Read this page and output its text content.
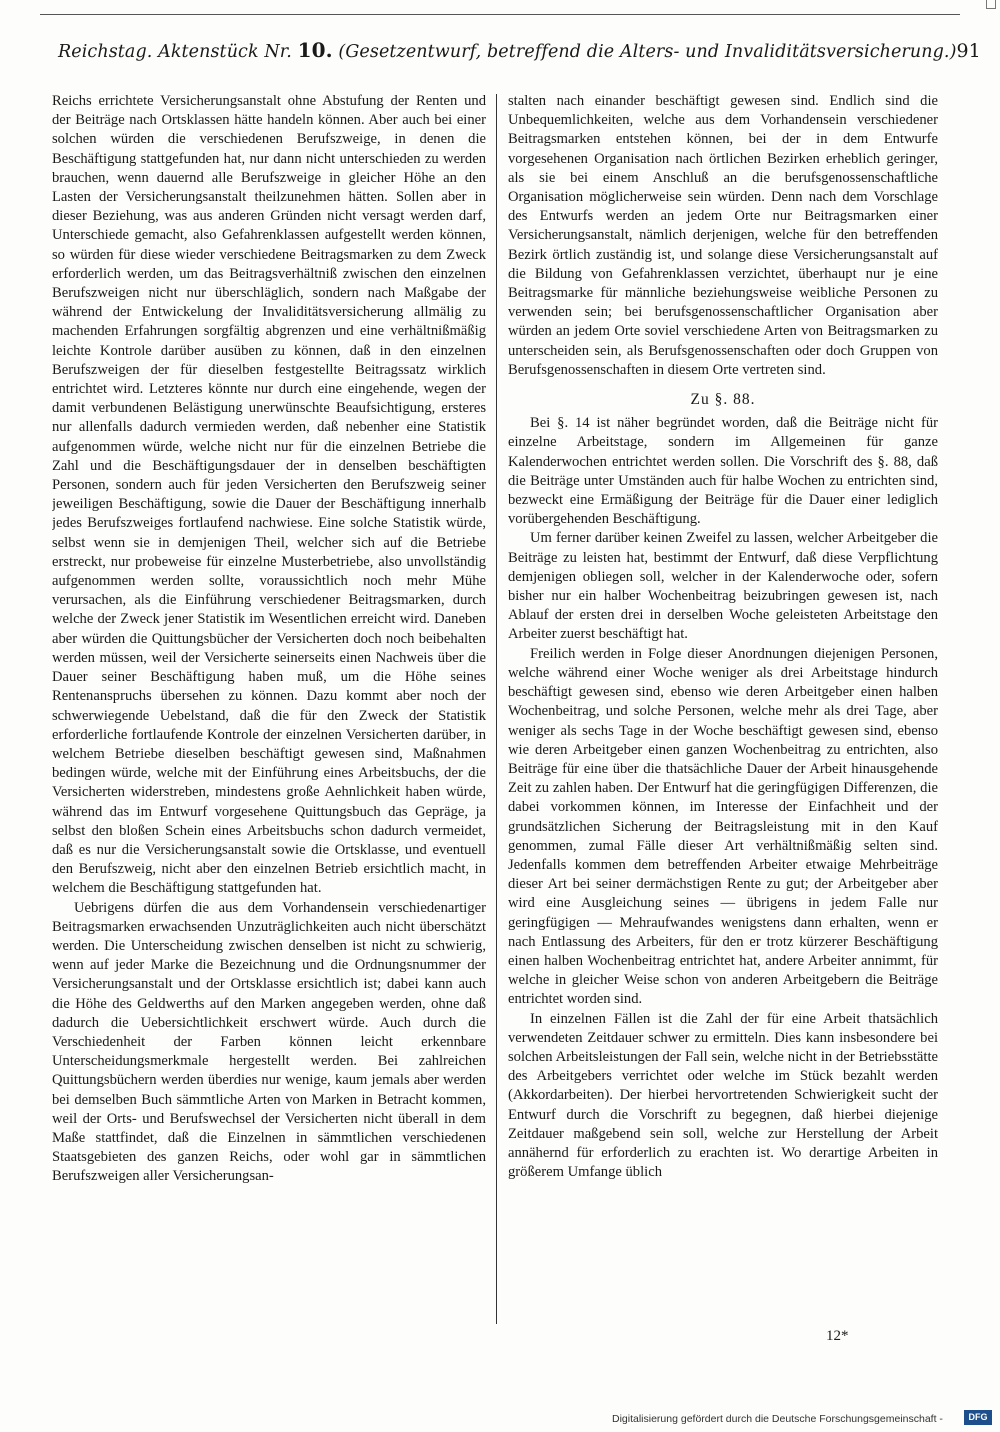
Reichstag. Aktenstück Nr. 10. (Gesetzentwurf, betreffend die Alters- und Invaliditätsversicherung.) 91

Reichs errichtete Versicherungsanstalt ohne Abstufung der Renten und der Beiträge nach Ortsklassen hätte handeln können. Aber auch bei einer solchen würden die verschiedenen Berufszweige, in denen die Beschäftigung stattgefunden hat, nur dann nicht unterschieden zu werden brauchen, wenn dauernd alle Berufszweige in gleicher Höhe an den Lasten der Versicherungsanstalt theilzunehmen hätten. Sollen aber in dieser Beziehung, was aus anderen Gründen nicht versagt werden darf, Unterschiede gemacht, also Gefahrenklassen aufgestellt werden können, so würden für diese wieder verschiedene Beitragsmarken zu dem Zweck erforderlich werden, um das Beitragsverhältniß zwischen den einzelnen Berufszweigen nicht nur überschläglich, sondern nach Maßgabe der während der Entwickelung der Invaliditätsversicherung allmälig zu machenden Erfahrungen sorgfältig abgrenzen und eine verhältnißmäßig leichte Kontrole darüber ausüben zu können, daß in den einzelnen Berufszweigen der für dieselben festgestellte Beitragssatz wirklich entrichtet wird. Letzteres könnte nur durch eine eingehende, wegen der damit verbundenen Belästigung unerwünschte Beaufsichtigung, ersteres nur allenfalls dadurch vermieden werden, daß nebenher eine Statistik aufgenommen würde, welche nicht nur für die einzelnen Betriebe die Zahl und die Beschäftigungsdauer der in denselben beschäftigten Personen, sondern auch für jeden Versicherten den Berufszweig seiner jeweiligen Beschäftigung, sowie die Dauer der Beschäftigung innerhalb jedes Berufszweiges fortlaufend nachwiese. Eine solche Statistik würde, selbst wenn sie in demjenigen Theil, welcher sich auf die Betriebe erstreckt, nur probeweise für einzelne Musterbetriebe, also unvollständig aufgenommen werden sollte, voraussichtlich noch mehr Mühe verursachen, als die Einführung verschiedener Beitragsmarken, durch welche der Zweck jener Statistik im Wesentlichen erreicht wird. Daneben aber würden die Quittungsbücher der Versicherten doch noch beibehalten werden müssen, weil der Versicherte seinerseits einen Nachweis über die Dauer seiner Beschäftigung haben muß, um die Höhe seines Rentenanspruchs übersehen zu können. Dazu kommt aber noch der schwerwiegende Uebelstand, daß die für den Zweck der Statistik erforderliche fortlaufende Kontrole der einzelnen Versicherten darüber, in welchem Betriebe dieselben beschäftigt gewesen sind, Maßnahmen bedingen würde, welche mit der Einführung eines Arbeitsbuchs, der die Versicherten widerstreben, mindestens große Aehnlichkeit haben würde, während das im Entwurf vorgesehene Quittungsbuch das Gepräge, ja selbst den bloßen Schein eines Arbeitsbuchs schon dadurch vermeidet, daß es nur die Versicherungsanstalt sowie die Ortsklasse, und eventuell den Berufszweig, nicht aber den einzelnen Betrieb ersichtlich macht, in welchem die Beschäftigung stattgefunden hat.

Uebrigens dürfen die aus dem Vorhandensein verschiedenartiger Beitragsmarken erwachsenden Unzuträglichkeiten auch nicht überschätzt werden. Die Unterscheidung zwischen denselben ist nicht zu schwierig, wenn auf jeder Marke die Bezeichnung und die Ordnungsnummer der Versicherungsanstalt und der Ortsklasse ersichtlich ist; dabei kann auch die Höhe des Geldwerths auf den Marken angegeben werden, ohne daß dadurch die Uebersichtlichkeit erschwert würde. Auch durch die Verschiedenheit der Farben können leicht erkennbare Unterscheidungsmerkmale hergestellt werden. Bei zahlreichen Quittungsbüchern werden überdies nur wenige, kaum jemals aber werden bei demselben Buch sämmtliche Arten von Marken in Betracht kommen, weil der Orts- und Berufswechsel der Versicherten nicht überall in dem Maße stattfindet, daß die Einzelnen in sämmtlichen verschiedenen Staatsgebieten des ganzen Reichs, oder wohl gar in sämmtlichen Berufszweigen aller Versicherungsan-

stalten nach einander beschäftigt gewesen sind. Endlich sind die Unbequemlichkeiten, welche aus dem Vorhandensein verschiedener Beitragsmarken entstehen können, bei der in dem Entwurfe vorgesehenen Organisation nach örtlichen Bezirken erheblich geringer, als sie bei einem Anschluß an die berufsgenossenschaftliche Organisation möglicherweise sein würden. Denn nach dem Vorschlage des Entwurfs werden an jedem Orte nur Beitragsmarken einer Versicherungsanstalt, nämlich derjenigen, welche für den betreffenden Bezirk örtlich zuständig ist, und solange diese Versicherungsanstalt auf die Bildung von Gefahrenklassen verzichtet, überhaupt nur je eine Beitragsmarke für männliche beziehungsweise weibliche Personen zu verwenden sein; bei berufsgenossenschaftlicher Organisation aber würden an jedem Orte soviel verschiedene Arten von Beitragsmarken zu unterscheiden sein, als Berufsgenossenschaften oder doch Gruppen von Berufsgenossenschaften in diesem Orte vertreten sind.

Zu §. 88.

Bei §. 14 ist näher begründet worden, daß die Beiträge nicht für einzelne Arbeitstage, sondern im Allgemeinen für ganze Kalenderwochen entrichtet werden sollen. Die Vorschrift des §. 88, daß die Beiträge unter Umständen auch für halbe Wochen zu entrichten sind, bezweckt eine Ermäßigung der Beiträge für die Dauer einer lediglich vorübergehenden Beschäftigung.

Um ferner darüber keinen Zweifel zu lassen, welcher Arbeitgeber die Beiträge zu leisten hat, bestimmt der Entwurf, daß diese Verpflichtung demjenigen obliegen soll, welcher in der Kalenderwoche oder, sofern bisher nur ein halber Wochenbeitrag beizubringen gewesen ist, nach Ablauf der ersten drei in derselben Woche geleisteten Arbeitstage den Arbeiter zuerst beschäftigt hat.

Freilich werden in Folge dieser Anordnungen diejenigen Personen, welche während einer Woche weniger als drei Arbeitstage hindurch beschäftigt gewesen sind, ebenso wie deren Arbeitgeber einen halben Wochenbeitrag, und solche Personen, welche mehr als drei Tage, aber weniger als sechs Tage in der Woche beschäftigt gewesen sind, ebenso wie deren Arbeitgeber einen ganzen Wochenbeitrag zu entrichten, also Beiträge für eine über die thatsächliche Dauer der Arbeit hinausgehende Zeit zu zahlen haben. Der Entwurf hat die geringfügigen Differenzen, die dabei vorkommen können, im Interesse der Einfachheit und der grundsätzlichen Sicherung der Beitragsleistung mit in den Kauf genommen, zumal Fälle dieser Art verhältnißmäßig selten sind. Jedenfalls kommen dem betreffenden Arbeiter etwaige Mehrbeiträge dieser Art bei seiner dermächstigen Rente zu gut; der Arbeitgeber aber wird eine Ausgleichung seines — übrigens in jedem Falle nur geringfügigen — Mehraufwandes wenigstens dann erhalten, wenn er nach Entlassung des Arbeiters, für den er trotz kürzerer Beschäftigung einen halben Wochenbeitrag entrichtet hat, andere Arbeiter annimmt, für welche in gleicher Weise schon von anderen Arbeitgebern die Beiträge entrichtet worden sind.

In einzelnen Fällen ist die Zahl der für eine Arbeit thatsächlich verwendeten Zeitdauer schwer zu ermitteln. Dies kann insbesondere bei solchen Arbeitsleistungen der Fall sein, welche nicht in der Betriebsstätte des Arbeitgebers verrichtet oder welche im Stück bezahlt werden (Akkordarbeiten). Der hierbei hervortretenden Schwierigkeit sucht der Entwurf durch die Vorschrift zu begegnen, daß hierbei diejenige Zeitdauer maßgebend sein soll, welche zur Herstellung der Arbeit annähernd für erforderlich zu erachten ist. Wo derartige Arbeiten in größerem Umfange üblich

12*
Digitalisierung gefördert durch die Deutsche Forschungsgemeinschaft -	DFG
